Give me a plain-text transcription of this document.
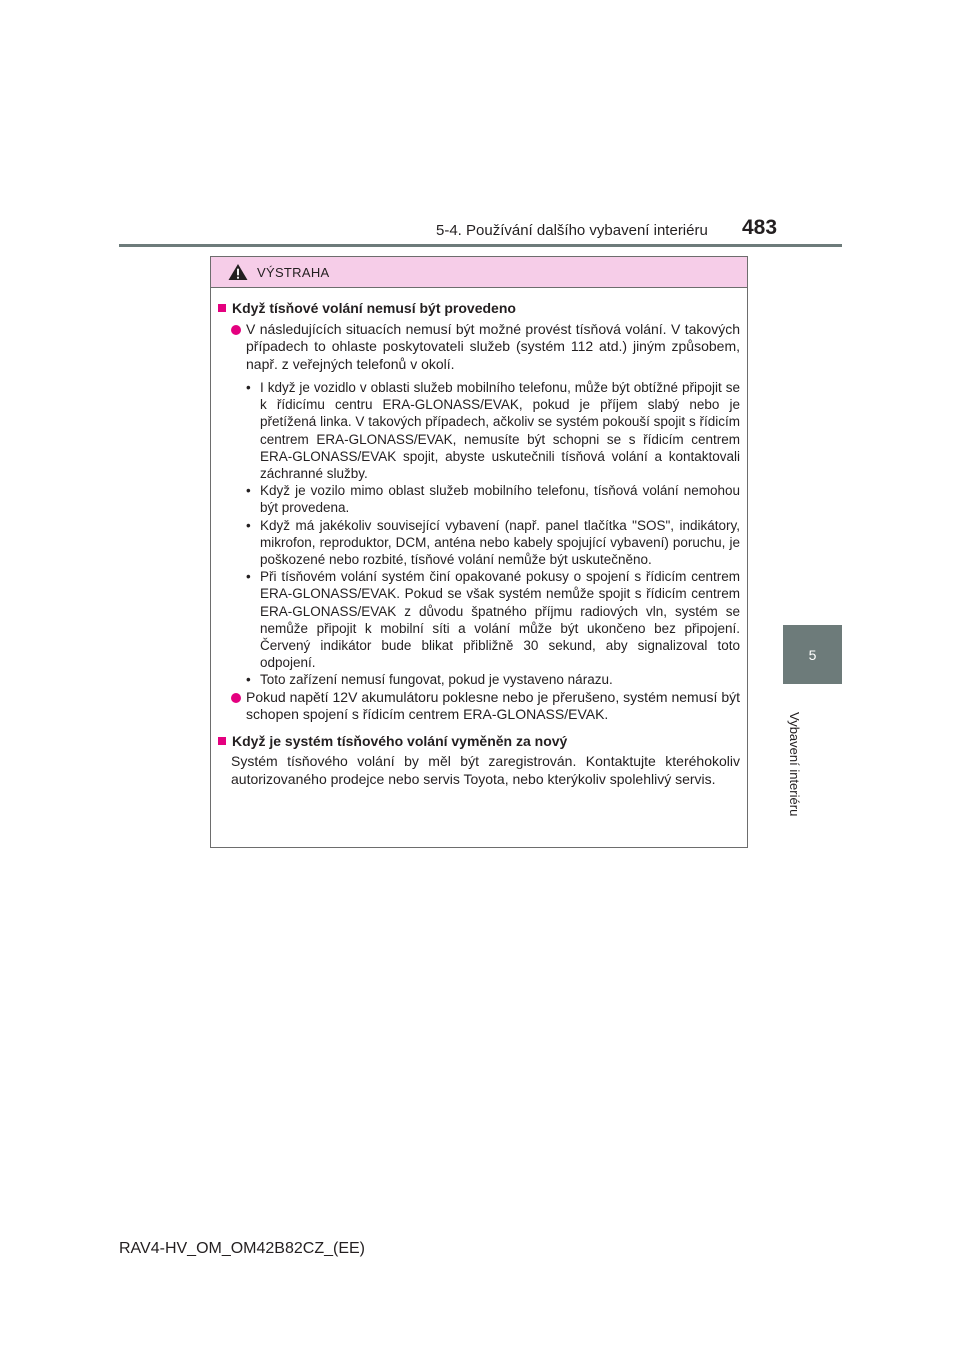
5-4. Používání dalšího vybavení interiéru 483
5
Vybavení interiéru
VÝSTRAHA
Když tísňové volání nemusí být provedeno
V následujících situacích nemusí být možné provést tísňová volání. V takových případech to ohlaste poskytovateli služeb (systém 112 atd.) jiným způsobem, např. z veřejných telefonů v okolí.
• I když je vozidlo v oblasti služeb mobilního telefonu, může být obtížné připojit se k řídicímu centru ERA-GLONASS/EVAK, pokud je příjem slabý nebo je přetížená linka. V takových případech, ačkoliv se systém pokouší spojit s řídicím centrem ERA-GLONASS/EVAK, nemusíte být schopni se s řídicím centrem ERA-GLONASS/EVAK spojit, abyste uskutečnili tísňová volání a kontaktovali záchranné služby.
• Když je vozilo mimo oblast služeb mobilního telefonu, tísňová volání nemohou být provedena.
• Když má jakékoliv související vybavení (např. panel tlačítka "SOS", indikátory, mikrofon, reproduktor, DCM, anténa nebo kabely spojující vybavení) poruchu, je poškozené nebo rozbité, tísňové volání nemůže být uskutečněno.
• Při tísňovém volání systém činí opakované pokusy o spojení s řídicím centrem ERA-GLONASS/EVAK. Pokud se však systém nemůže spojit s řídicím centrem ERA-GLONASS/EVAK z důvodu špatného příjmu radiových vln, systém se nemůže připojit k mobilní síti a volání může být ukončeno bez připojení. Červený indikátor bude blikat přibližně 30 sekund, aby signalizoval toto odpojení.
• Toto zařízení nemusí fungovat, pokud je vystaveno nárazu.
Pokud napětí 12V akumulátoru poklesne nebo je přerušeno, systém nemusí být schopen spojení s řídicím centrem ERA-GLONASS/EVAK.
Když je systém tísňového volání vyměněn za nový
Systém tísňového volání by měl být zaregistrován. Kontaktujte kteréhokoliv autorizovaného prodejce nebo servis Toyota, nebo kterýkoliv spolehlivý servis.
RAV4-HV_OM_OM42B82CZ_(EE)
